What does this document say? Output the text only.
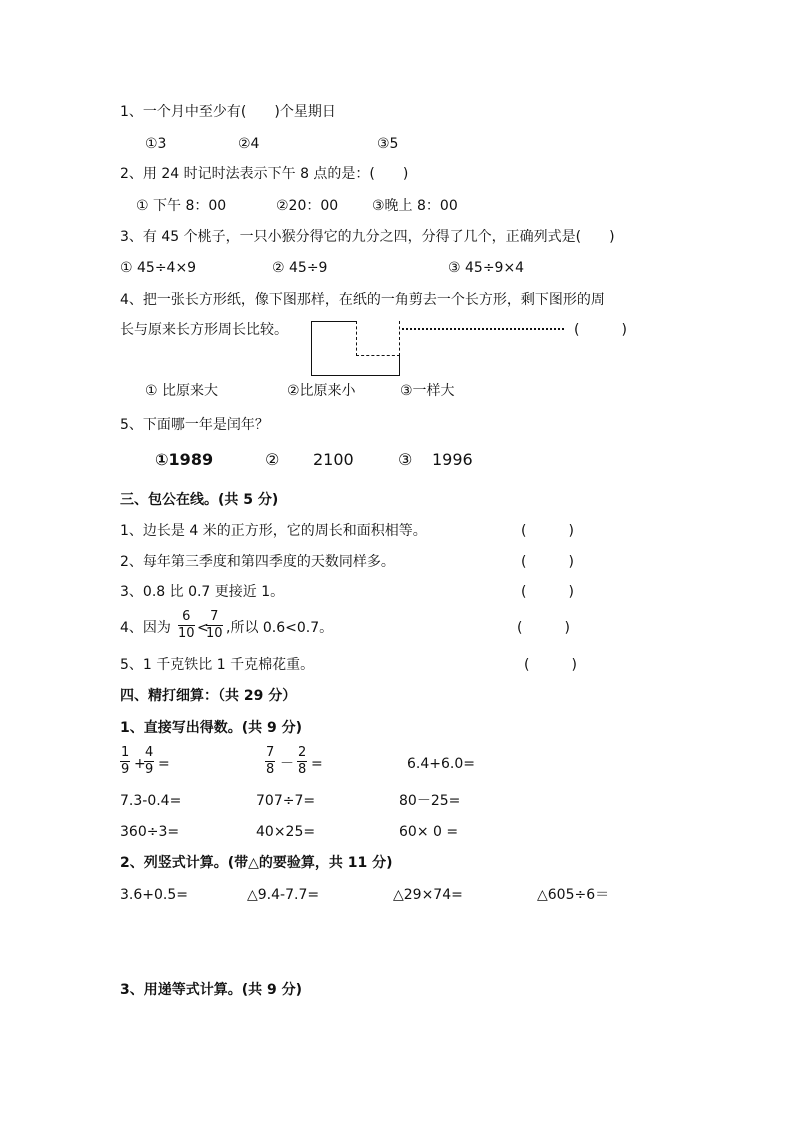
1、一个月中至少有(　　)个星期日
①3	②4	③5
2、用 24 时记时法表示下午 8 点的是：(　　)
① 下午 8：00	②20：00 ③晚上 8：00
3、有 45 个桃子，一只小猴分得它的九分之四，分得了几个，正确列式是(　　)
① 45÷4×9	② 45÷9	③ 45÷9×4
4、把一张长方形纸，像下图那样，在纸的一角剪去一个长方形，剩下图形的周
长与原来长方形周长比较。	(　　　)
① 比原来大	②比原来小	③一样大
5、下面哪一年是闰年？
①1989	② 2100	③ 1996
三、包公在线。(共 5 分)
1、边长是 4 米的正方形，它的周长和面积相等。	(　　　)
2、每年第三季度和第四季度的天数同样多。	(　　　)
3、0.8 比 0.7 更接近 1。	(　　　)
4、因为 $\frac{6}{10}$ <
$\frac{7}{10}$ ,所以 0.6<0.7。	(　　　)
5、1 千克铁比 1 千克棉花重。	(　　　)
四、精打细算：（共 29 分）
1、直接写出得数。(共 9 分)
$\frac{1}{9}$ +
$\frac{4}{9}$ =	$\frac{7}{8} - \frac{2}{8}$ =	6.4+6.0=
7.3-0.4=	707÷7=	80－25=
360÷3=	40×25=	60× 0 =
2、列竖式计算。(带△的要验算，共 11 分)
3.6+0.5=	△9.4-7.7=	△29×74=	△605÷6＝
3、用递等式计算。(共 9 分)
